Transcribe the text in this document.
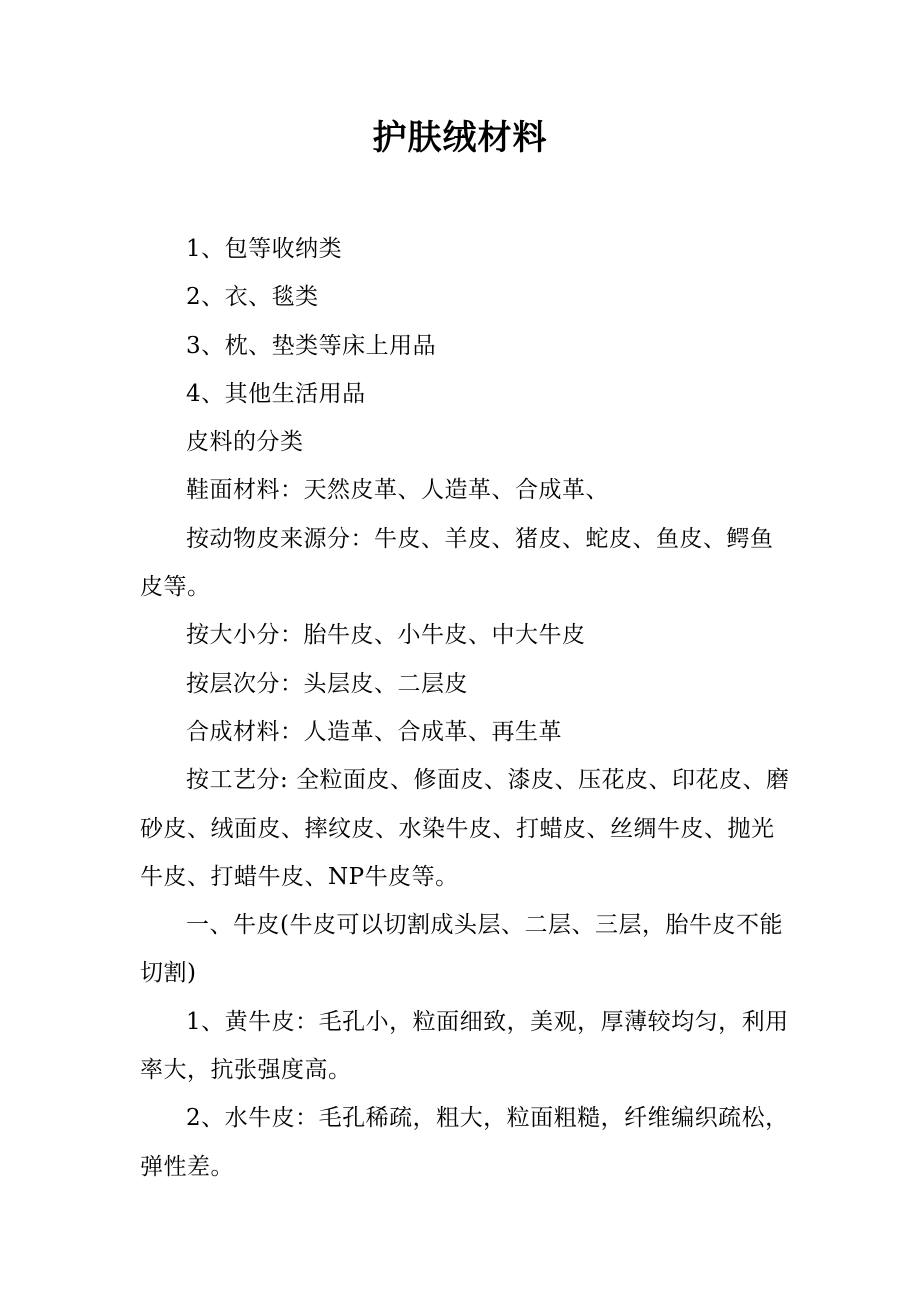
护肤绒材料

1、包等收纳类

2、衣、毯类

3、枕、垫类等床上用品

4、其他生活用品

皮料的分类

鞋面材料：天然皮革、人造革、合成革、

按动物皮来源分：牛皮、羊皮、猪皮、蛇皮、鱼皮、鳄鱼皮等。

按大小分：胎牛皮、小牛皮、中大牛皮

按层次分：头层皮、二层皮

合成材料：人造革、合成革、再生革

按工艺分: 全粒面皮、修面皮、漆皮、压花皮、印花皮、磨砂皮、绒面皮、摔纹皮、水染牛皮、打蜡皮、丝绸牛皮、抛光牛皮、打蜡牛皮、NP牛皮等。

一、牛皮(牛皮可以切割成头层、二层、三层，胎牛皮不能切割)

1、黄牛皮：毛孔小，粒面细致，美观，厚薄较均匀，利用率大，抗张强度高。

2、水牛皮：毛孔稀疏，粗大，粒面粗糙，纤维编织疏松，弹性差。
